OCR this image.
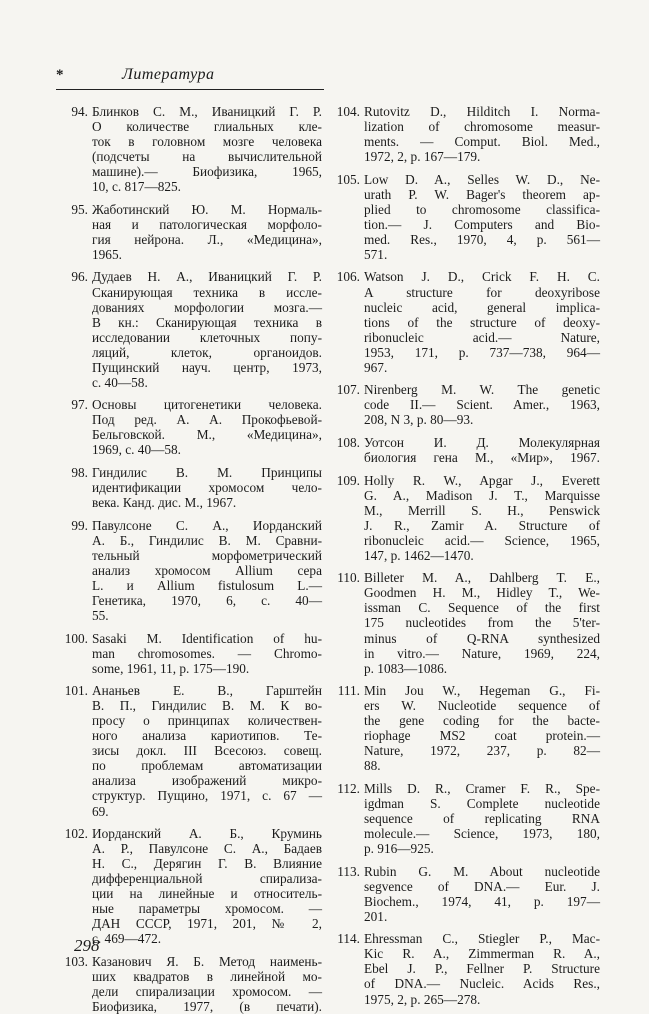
*	Литература
94. Блинков С. М., Иваницкий Г. Р.
О количестве глиальных кле-
ток в головном мозге человека
(подсчеты на вычислительной
машине).— Биофизика, 1965,
10, с. 817—825.
95. Жаботинский Ю. М. Нормаль-
ная и патологическая морфоло-
гия нейрона. Л., «Медицина»,
1965.
96. Дудаев Н. А., Иваницкий Г. Р.
Сканирующая техника в иссле-
дованиях морфологии мозга.—
В кн.: Сканирующая техника в
исследовании клеточных попу-
ляций, клеток, органоидов.
Пущинский науч. центр, 1973,
с. 40—58.
97. Основы цитогенетики человека.
Под ред. А. А. Прокофьевой-
Бельговской. М., «Медицина»,
1969, с. 40—58.
98. Гиндилис В. М. Принципы
идентификации хромосом чело-
века. Канд. дис. М., 1967.
99. Павулсоне С. А., Иорданский
А. Б., Гиндилис В. М. Сравни-
тельный морфометрический
анализ хромосом Allium сера
L. и Allium fistulosum L.—
Генетика, 1970, 6, с. 40—
55.
100. Sasaki M. Identification of hu-
man chromosomes. — Chromo-
some, 1961, 11, p. 175—190.
101. Ананьев Е. В., Гарштейн
В. П., Гиндилис В. М. К во-
просу о принципах количествен-
ного анализа кариотипов. Те-
зисы докл. III Всесоюз. совещ.
по проблемам автоматизации
анализа изображений микро-
структур. Пущино, 1971, с. 67 —
69.
102. Иорданский А. Б., Круминь
А. Р., Павулсоне С. А., Бадаев
Н. С., Дерягин Г. В. Влияние
дифференциальной спирализа-
ции на линейные и относитель-
ные параметры хромосом. —
ДАН СССР, 1971, 201, № 2,
с. 469—472.
103. Казанович Я. Б. Метод наимень-
ших квадратов в линейной мо-
дели спирализации хромосом. —
Биофизика, 1977, (в печати).
104. Rutovitz D., Hilditch I. Norma-
lization of chromosome measur-
ments. — Comput. Biol. Med.,
1972, 2, p. 167—179.
105. Low D. A., Selles W. D., Ne-
urath P. W. Bager's theorem ap-
plied to chromosome classifica-
tion.— J. Computers and Bio-
med. Res., 1970, 4, p. 561—
571.
106. Watson J. D., Crick F. H. C.
A structure for deoxyribose
nucleic acid, general implica-
tions of the structure of deoxy-
ribonucleic acid.— Nature,
1953, 171, p. 737—738, 964—
967.
107. Nirenberg M. W. The genetic
code II.— Scient. Amer., 1963,
208, N 3, p. 80—93.
108. Уотсон И. Д. Молекулярная
биология гена М., «Мир», 1967.
109. Holly R. W., Apgar J., Everett
G. A., Madison J. T., Marquisse
M., Merrill S. H., Penswick
J. R., Zamir A. Structure of
ribonucleic acid.— Science, 1965,
147, p. 1462—1470.
110. Billeter M. A., Dahlberg T. E.,
Goodmen H. M., Hidley T., We-
issman C. Sequence of the first
175 nucleotides from the 5'ter-
minus of Q-RNA synthesized
in vitro.— Nature, 1969, 224,
p. 1083—1086.
111. Min Jou W., Hegeman G., Fi-
ers W. Nucleotide sequence of
the gene coding for the bacte-
riophage MS2 coat protein.—
Nature, 1972, 237, p. 82—
88.
112. Mills D. R., Cramer F. R., Spe-
igdman S. Complete nucleotide
sequence of replicating RNA
molecule.— Science, 1973, 180,
p. 916—925.
113. Rubin G. M. About nucleotide
segvence of DNA.— Eur. J.
Biochem., 1974, 41, p. 197—
201.
114. Ehressman C., Stiegler P., Mac-
Kic R. A., Zimmerman R. A.,
Ebel J. P., Fellner P. Structure
of DNA.— Nucleic. Acids Res.,
1975, 2, p. 265—278.
298
